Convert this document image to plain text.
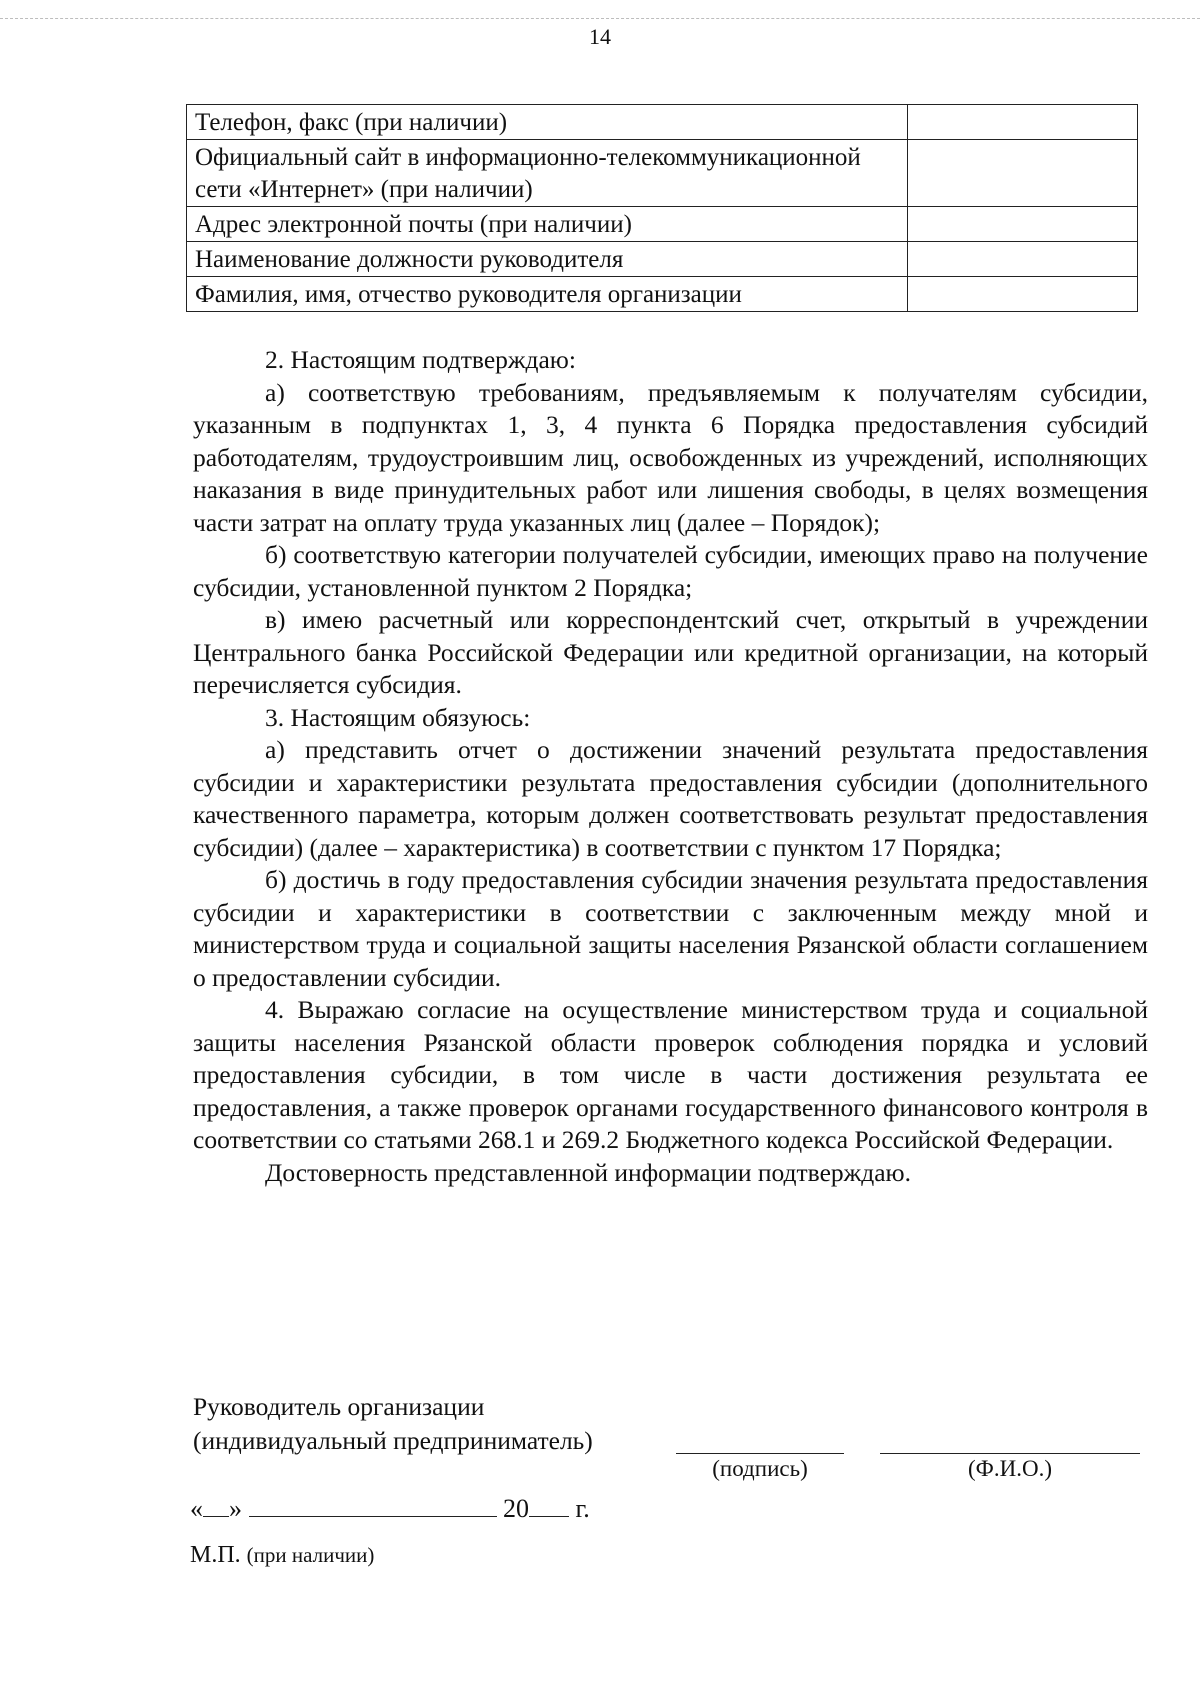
14
Телефон, факс (при наличии)	
Официальный сайт в информационно-телекоммуникационной сети «Интернет» (при наличии)	
Адрес электронной почты (при наличии)	
Наименование должности руководителя	
Фамилия, имя, отчество руководителя организации	

2. Настоящим подтверждаю:

а) соответствую требованиям, предъявляемым к получателям субсидии, указанным в подпунктах 1, 3, 4 пункта 6 Порядка предоставления субсидий работодателям, трудоустроившим лиц, освобожденных из учреждений, исполняющих наказания в виде принудительных работ или лишения свободы, в целях возмещения части затрат на оплату труда указанных лиц (далее – Порядок);

б) соответствую категории получателей субсидии, имеющих право на получение субсидии, установленной пунктом 2 Порядка;

в) имею расчетный или корреспондентский счет, открытый в учреждении Центрального банка Российской Федерации или кредитной организации, на который перечисляется субсидия.

3. Настоящим обязуюсь:

а) представить отчет о достижении значений результата предоставления субсидии и характеристики результата предоставления субсидии (дополнительного качественного параметра, которым должен соответствовать результат предоставления субсидии) (далее – характеристика) в соответствии с пунктом 17 Порядка;

б) достичь в году предоставления субсидии значения результата предоставления субсидии и характеристики в соответствии с заключенным между мной и министерством труда и социальной защиты населения Рязанской области соглашением о предоставлении субсидии.

4. Выражаю согласие на осуществление министерством труда и социальной защиты населения Рязанской области проверок соблюдения порядка и условий предоставления субсидии, в том числе в части достижения результата ее предоставления, а также проверок органами государственного финансового контроля в соответствии со статьями 268.1 и 269.2 Бюджетного кодекса Российской Федерации.

Достоверность представленной информации подтверждаю.

Руководитель организации
(индивидуальный предприниматель)
(подпись)	(Ф.И.О.)
« »	20 г.
М.П. (при наличии)
